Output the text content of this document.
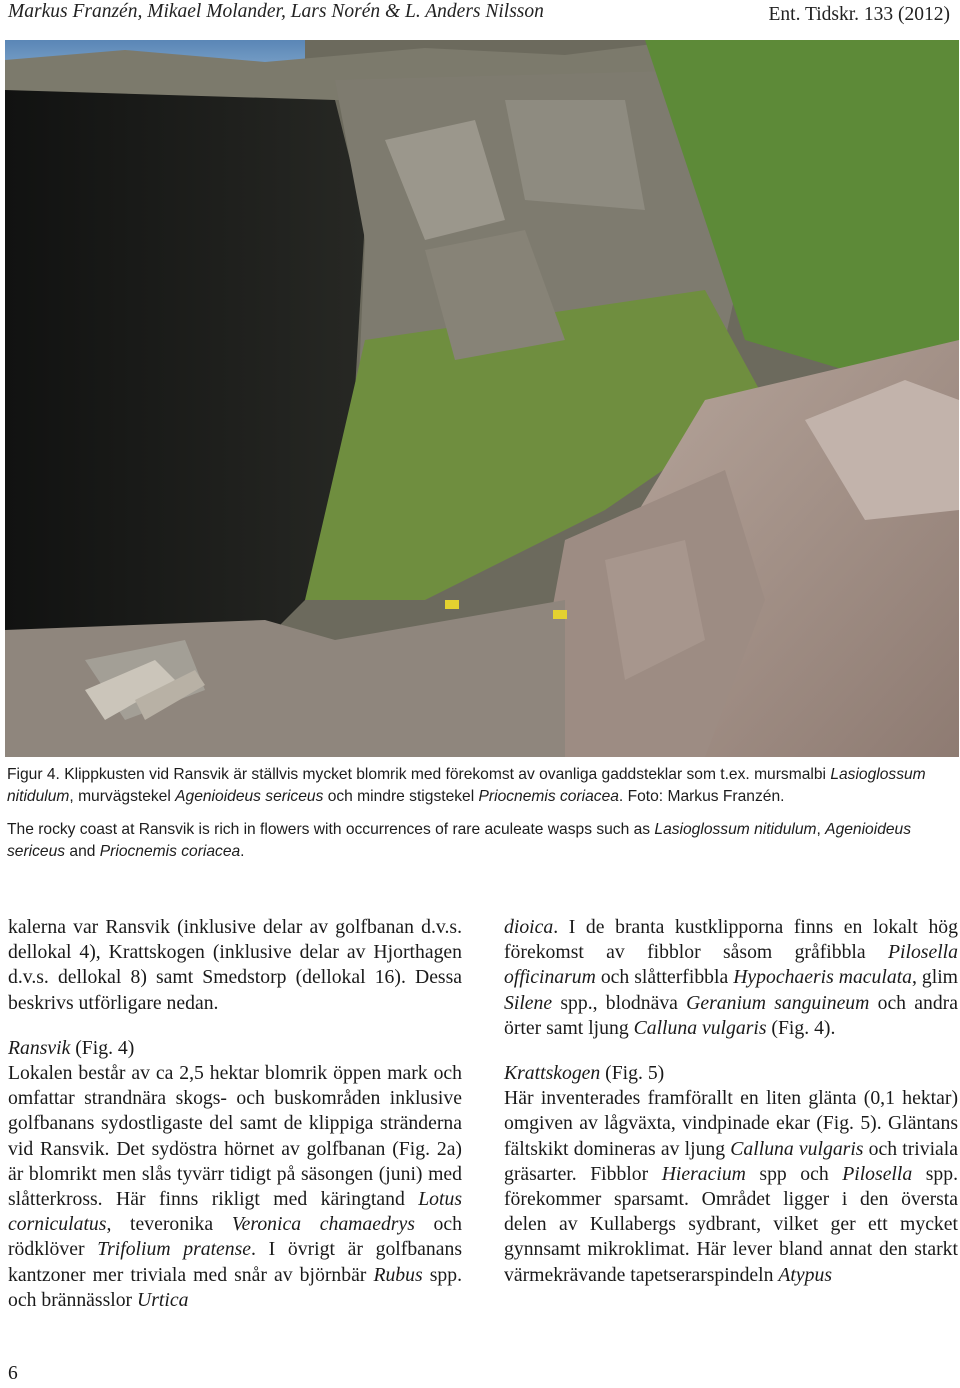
Markus Franzén, Mikael Molander, Lars Norén & L. Anders Nilsson	Ent. Tidskr. 133 (2012)
Figur 4. Klippkusten vid Ransvik är ställvis mycket blomrik med förekomst av ovanliga gaddsteklar som t.ex. mursmalbi Lasioglossum nitidulum, murvägstekel Agenioideus sericeus och mindre stigstekel Priocnemis coriacea. Foto: Markus Franzén.
The rocky coast at Ransvik is rich in flowers with occurrences of rare aculeate wasps such as Lasioglossum nitidulum, Agenioideus sericeus and Priocnemis coriacea.

kalerna var Ransvik (inklusive delar av golfbanan d.v.s. dellokal 4), Krattskogen (inklusive delar av Hjorthagen d.v.s. dellokal 8) samt Smedstorp (dellokal 16). Dessa beskrivs utförligare nedan.

Ransvik (Fig. 4)

Lokalen består av ca 2,5 hektar blomrik öppen mark och omfattar strandnära skogs- och buskområden inklusive golfbanans sydostligaste del samt de klippiga stränderna vid Ransvik. Det sydöstra hörnet av golfbanan (Fig. 2a) är blomrikt men slås tyvärr tidigt på säsongen (juni) med slåtterkross. Här finns rikligt med käringtand Lotus corniculatus, teveronika Veronica chamaedrys och rödklöver Trifolium pratense. I övrigt är golfbanans kantzoner mer triviala med snår av björnbär Rubus spp. och brännässlor Urtica

dioica. I de branta kustklipporna finns en lokalt hög förekomst av fibblor såsom gråfibbla Pilosella officinarum och slåtterfibbla Hypochaeris maculata, glim Silene spp., blodnäva Geranium sanguineum och andra örter samt ljung Calluna vulgaris (Fig. 4).

Krattskogen (Fig. 5)

Här inventerades framförallt en liten glänta (0,1 hektar) omgiven av lågväxta, vindpinade ekar (Fig. 5). Gläntans fältskikt domineras av ljung Calluna vulgaris och triviala gräsarter. Fibblor Hieracium spp och Pilosella spp. förekommer sparsamt. Området ligger i den översta delen av Kullabergs sydbrant, vilket ger ett mycket gynnsamt mikroklimat. Här lever bland annat den starkt värmekrävande tapetserarspindeln Atypus

6
